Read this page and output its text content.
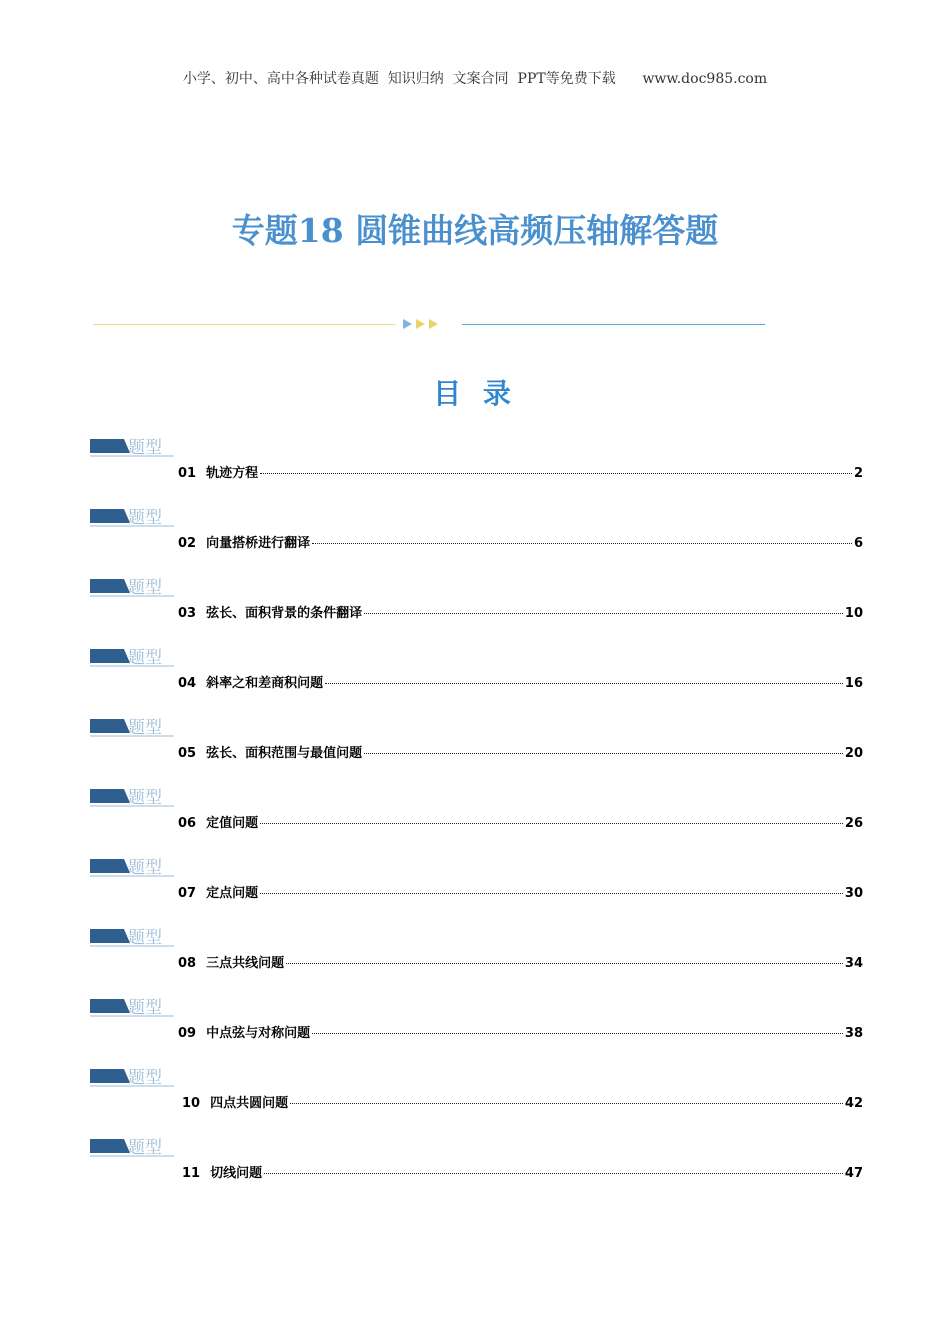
小学、初中、高中各种试卷真题  知识归纳  文案合同  PPT等免费下载      www.doc985.com
专题18 圆锥曲线高频压轴解答题
目 录
题型
01 轨迹方程	2
题型
02 向量搭桥进行翻译	6
题型
03 弦长、面积背景的条件翻译	10
题型
04 斜率之和差商积问题	16
题型
05 弦长、面积范围与最值问题	20
题型
06 定值问题	26
题型
07 定点问题	30
题型
08 三点共线问题	34
题型
09 中点弦与对称问题	38
题型
10 四点共圆问题	42
题型
11 切线问题	47
